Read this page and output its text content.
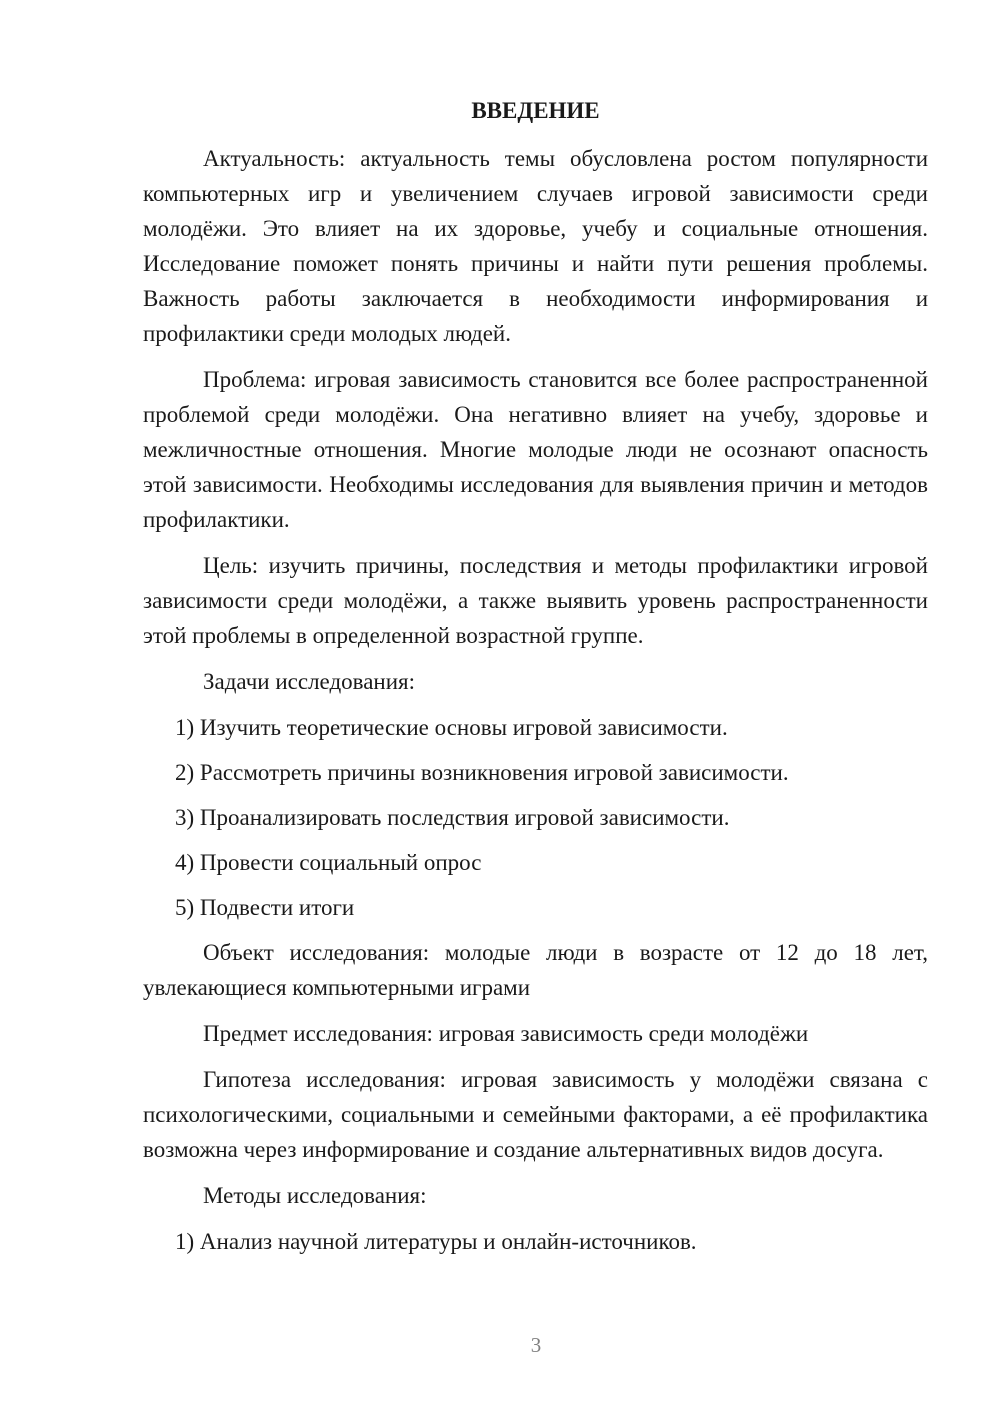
ВВЕДЕНИЕ
Актуальность: актуальность темы обусловлена ростом популярности компьютерных игр и увеличением случаев игровой зависимости среди молодёжи. Это влияет на их здоровье, учебу и социальные отношения. Исследование поможет понять причины и найти пути решения проблемы. Важность работы заключается в необходимости информирования и профилактики среди молодых людей.
Проблема: игровая зависимость становится все более распространенной проблемой среди молодёжи. Она негативно влияет на учебу, здоровье и межличностные отношения. Многие молодые люди не осознают опасность этой зависимости. Необходимы исследования для выявления причин и методов профилактики.
Цель: изучить причины, последствия и методы профилактики игровой зависимости среди молодёжи, а также выявить уровень распространенности этой проблемы в определенной возрастной группе.
Задачи исследования:
1) Изучить теоретические основы игровой зависимости.
2) Рассмотреть причины возникновения игровой зависимости.
3) Проанализировать последствия игровой зависимости.
4) Провести социальный опрос
5) Подвести итоги
Объект исследования: молодые люди в возрасте от 12 до 18 лет, увлекающиеся компьютерными играми
Предмет исследования: игровая зависимость среди молодёжи
Гипотеза исследования: игровая зависимость у молодёжи связана с психологическими, социальными и семейными факторами, а её профилактика возможна через информирование и создание альтернативных видов досуга.
Методы исследования:
1) Анализ научной литературы и онлайн-источников.
3
